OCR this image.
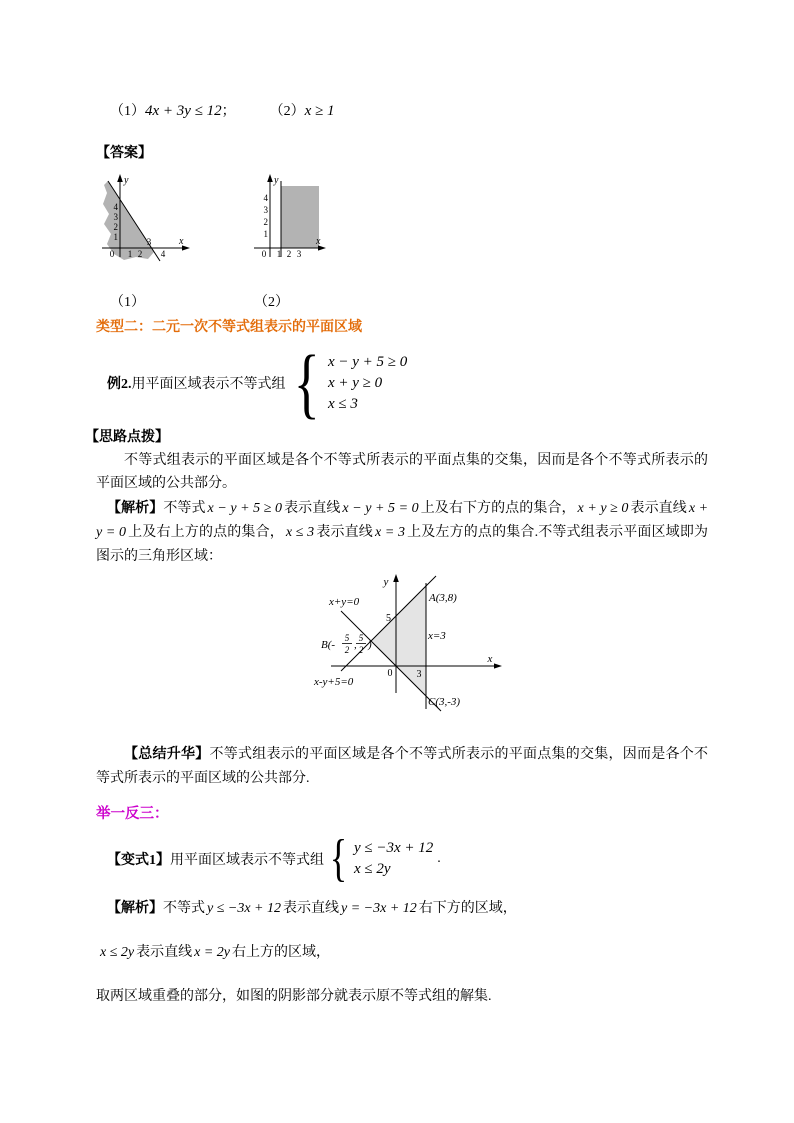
（1）4x + 3y ≤ 12； （2）x ≥ 1
【答案】
y
x
4
3
2
1
0 1 2
3
4
y
x
4
3
2
1
0 1 2 3
（1）	（2）
类型二：二元一次不等式组表示的平面区域
例2. 用平面区域表示不等式组 { x − y + 5 ≥ 0
x + y ≥ 0
x ≤ 3
【思路点拨】
不等式组表示的平面区域是各个不等式所表示的平面点集的交集，因而是各个不等式所表示的平面区域的公共部分。
【解析】不等式 x − y + 5 ≥ 0 表示直线 x − y + 5 = 0 上及右下方的点的集合， x + y ≥ 0 表示直线 x + y = 0 上及右上方的点的集合， x ≤ 3 表示直线 x = 3 上及左方的点的集合.不等式组表示平面区域即为图示的三角形区域：
y
x
x+y=0	A(3,8)
5
B(-
5
2 ,
5
2 )
x=3
0 3
C(3,-3)
x-y+5=0
【总结升华】不等式组表示的平面区域是各个不等式所表示的平面点集的交集，因而是各个不等式所表示的平面区域的公共部分.
举一反三：
【变式1】 用平面区域表示不等式组 { y ≤ −3x + 12
x ≤ 2y
.
【解析】不等式 y ≤ −3x + 12 表示直线 y = −3x + 12 右下方的区域，
x ≤ 2y 表示直线 x = 2y 右上方的区域，
取两区域重叠的部分，如图的阴影部分就表示原不等式组的解集.
